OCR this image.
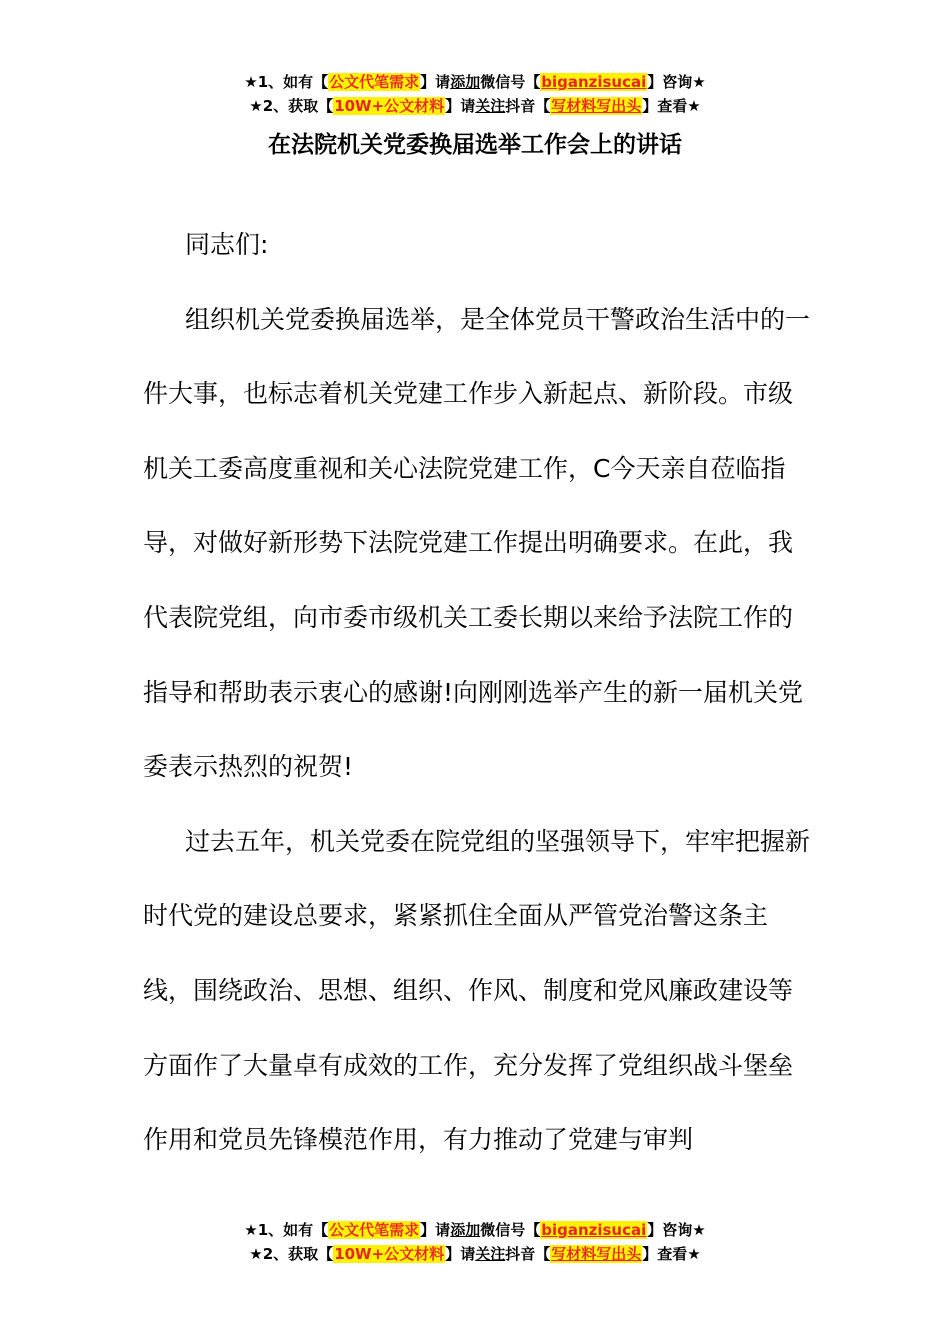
★1、如有【公文代笔需求】请添加微信号【biganzisucai】咨询★
★2、获取【10W+公文材料】请关注抖音【写材料写出头】查看★
在法院机关党委换届选举工作会上的讲话

同志们:

组织机关党委换届选举，是全体党员干警政治生活中的一件大事，也标志着机关党建工作步入新起点、新阶段。市级机关工委高度重视和关心法院党建工作，C今天亲自莅临指导，对做好新形势下法院党建工作提出明确要求。在此，我代表院党组，向市委市级机关工委长期以来给予法院工作的指导和帮助表示衷心的感谢!向刚刚选举产生的新一届机关党委表示热烈的祝贺!

过去五年，机关党委在院党组的坚强领导下，牢牢把握新时代党的建设总要求，紧紧抓住全面从严管党治警这条主线，围绕政治、思想、组织、作风、制度和党风廉政建设等方面作了大量卓有成效的工作，充分发挥了党组织战斗堡垒作用和党员先锋模范作用，有力推动了党建与审判

★1、如有【公文代笔需求】请添加微信号【biganzisucai】咨询★
★2、获取【10W+公文材料】请关注抖音【写材料写出头】查看★
